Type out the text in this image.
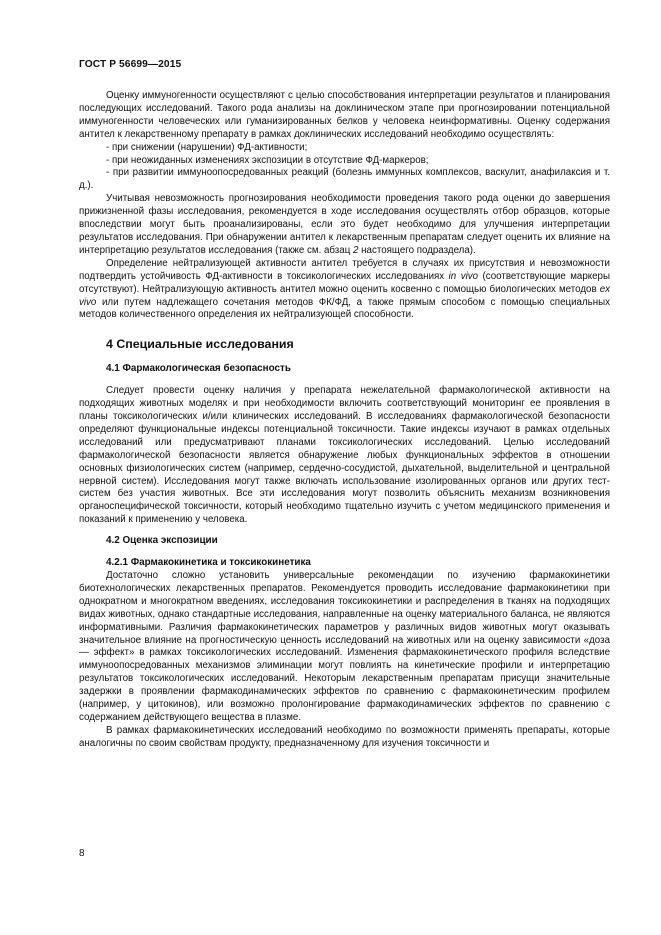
ГОСТ Р 56699—2015

Оценку иммуногенности осуществляют с целью способствования интерпретации результатов и планирования последующих исследований. Такого рода анализы на доклиническом этапе при прогнозировании потенциальной иммуногенности человеческих или гуманизированных белков у человека неинформативны. Оценку содержания антител к лекарственному препарату в рамках доклинических исследований необходимо осуществлять:

- при снижении (нарушении) ФД-активности;

- при неожиданных изменениях экспозиции в отсутствие ФД-маркеров;

- при развитии иммуноопосредованных реакций (болезнь иммунных комплексов, васкулит, анафилаксия и т. д.).

Учитывая невозможность прогнозирования необходимости проведения такого рода оценки до завершения прижизненной фазы исследования, рекомендуется в ходе исследования осуществлять отбор образцов, которые впоследствии могут быть проанализированы, если это будет необходимо для улучшения интерпретации результатов исследования. При обнаружении антител к лекарственным препаратам следует оценить их влияние на интерпретацию результатов исследования (также см. абзац 2 настоящего подраздела).

Определение нейтрализующей активности антител требуется в случаях их присутствия и невозможности подтвердить устойчивость ФД-активности в токсикологических исследованиях in vivo (соответствующие маркеры отсутствуют). Нейтрализующую активность антител можно оценить косвенно с помощью биологических методов ex vivo или путем надлежащего сочетания методов ФК/ФД, а также прямым способом с помощью специальных методов количественного определения их нейтрализующей способности.

4 Специальные исследования
4.1 Фармакологическая безопасность

Следует провести оценку наличия у препарата нежелательной фармакологической активности на подходящих животных моделях и при необходимости включить соответствующий мониторинг ее проявления в планы токсикологических и/или клинических исследований. В исследованиях фармакологической безопасности определяют функциональные индексы потенциальной токсичности. Такие индексы изучают в рамках отдельных исследований или предусматривают планами токсикологических исследований. Целью исследований фармакологической безопасности является обнаружение любых функциональных эффектов в отношении основных физиологических систем (например, сердечно-сосудистой, дыхательной, выделительной и центральной нервной систем). Исследования могут также включать использование изолированных органов или других тест-систем без участия животных. Все эти исследования могут позволить объяснить механизм возникновения органоспецифической токсичности, который необходимо тщательно изучить с учетом медицинского применения и показаний к применению у человека.

4.2 Оценка экспозиции
4.2.1 Фармакокинетика и токсикокинетика

Достаточно сложно установить универсальные рекомендации по изучению фармакокинетики биотехнологических лекарственных препаратов. Рекомендуется проводить исследование фармакокинетики при однократном и многократном введениях, исследования токсикокинетики и распределения в тканях на подходящих видах животных, однако стандартные исследования, направленные на оценку материального баланса, не являются информативными. Различия фармакокинетических параметров у различных видов животных могут оказывать значительное влияние на прогностическую ценность исследований на животных или на оценку зависимости «доза — эффект» в рамках токсикологических исследований. Изменения фармакокинетического профиля вследствие иммуноопосредованных механизмов элиминации могут повлиять на кинетические профили и интерпретацию результатов токсикологических исследований. Некоторым лекарственным препаратам присущи значительные задержки в проявлении фармакодинамических эффектов по сравнению с фармакокинетическим профилем (например, у цитокинов), или возможно пролонгирование фармакодинамических эффектов по сравнению с содержанием действующего вещества в плазме.

В рамках фармакокинетических исследований необходимо по возможности применять препараты, которые аналогичны по своим свойствам продукту, предназначенному для изучения токсичности и

8
